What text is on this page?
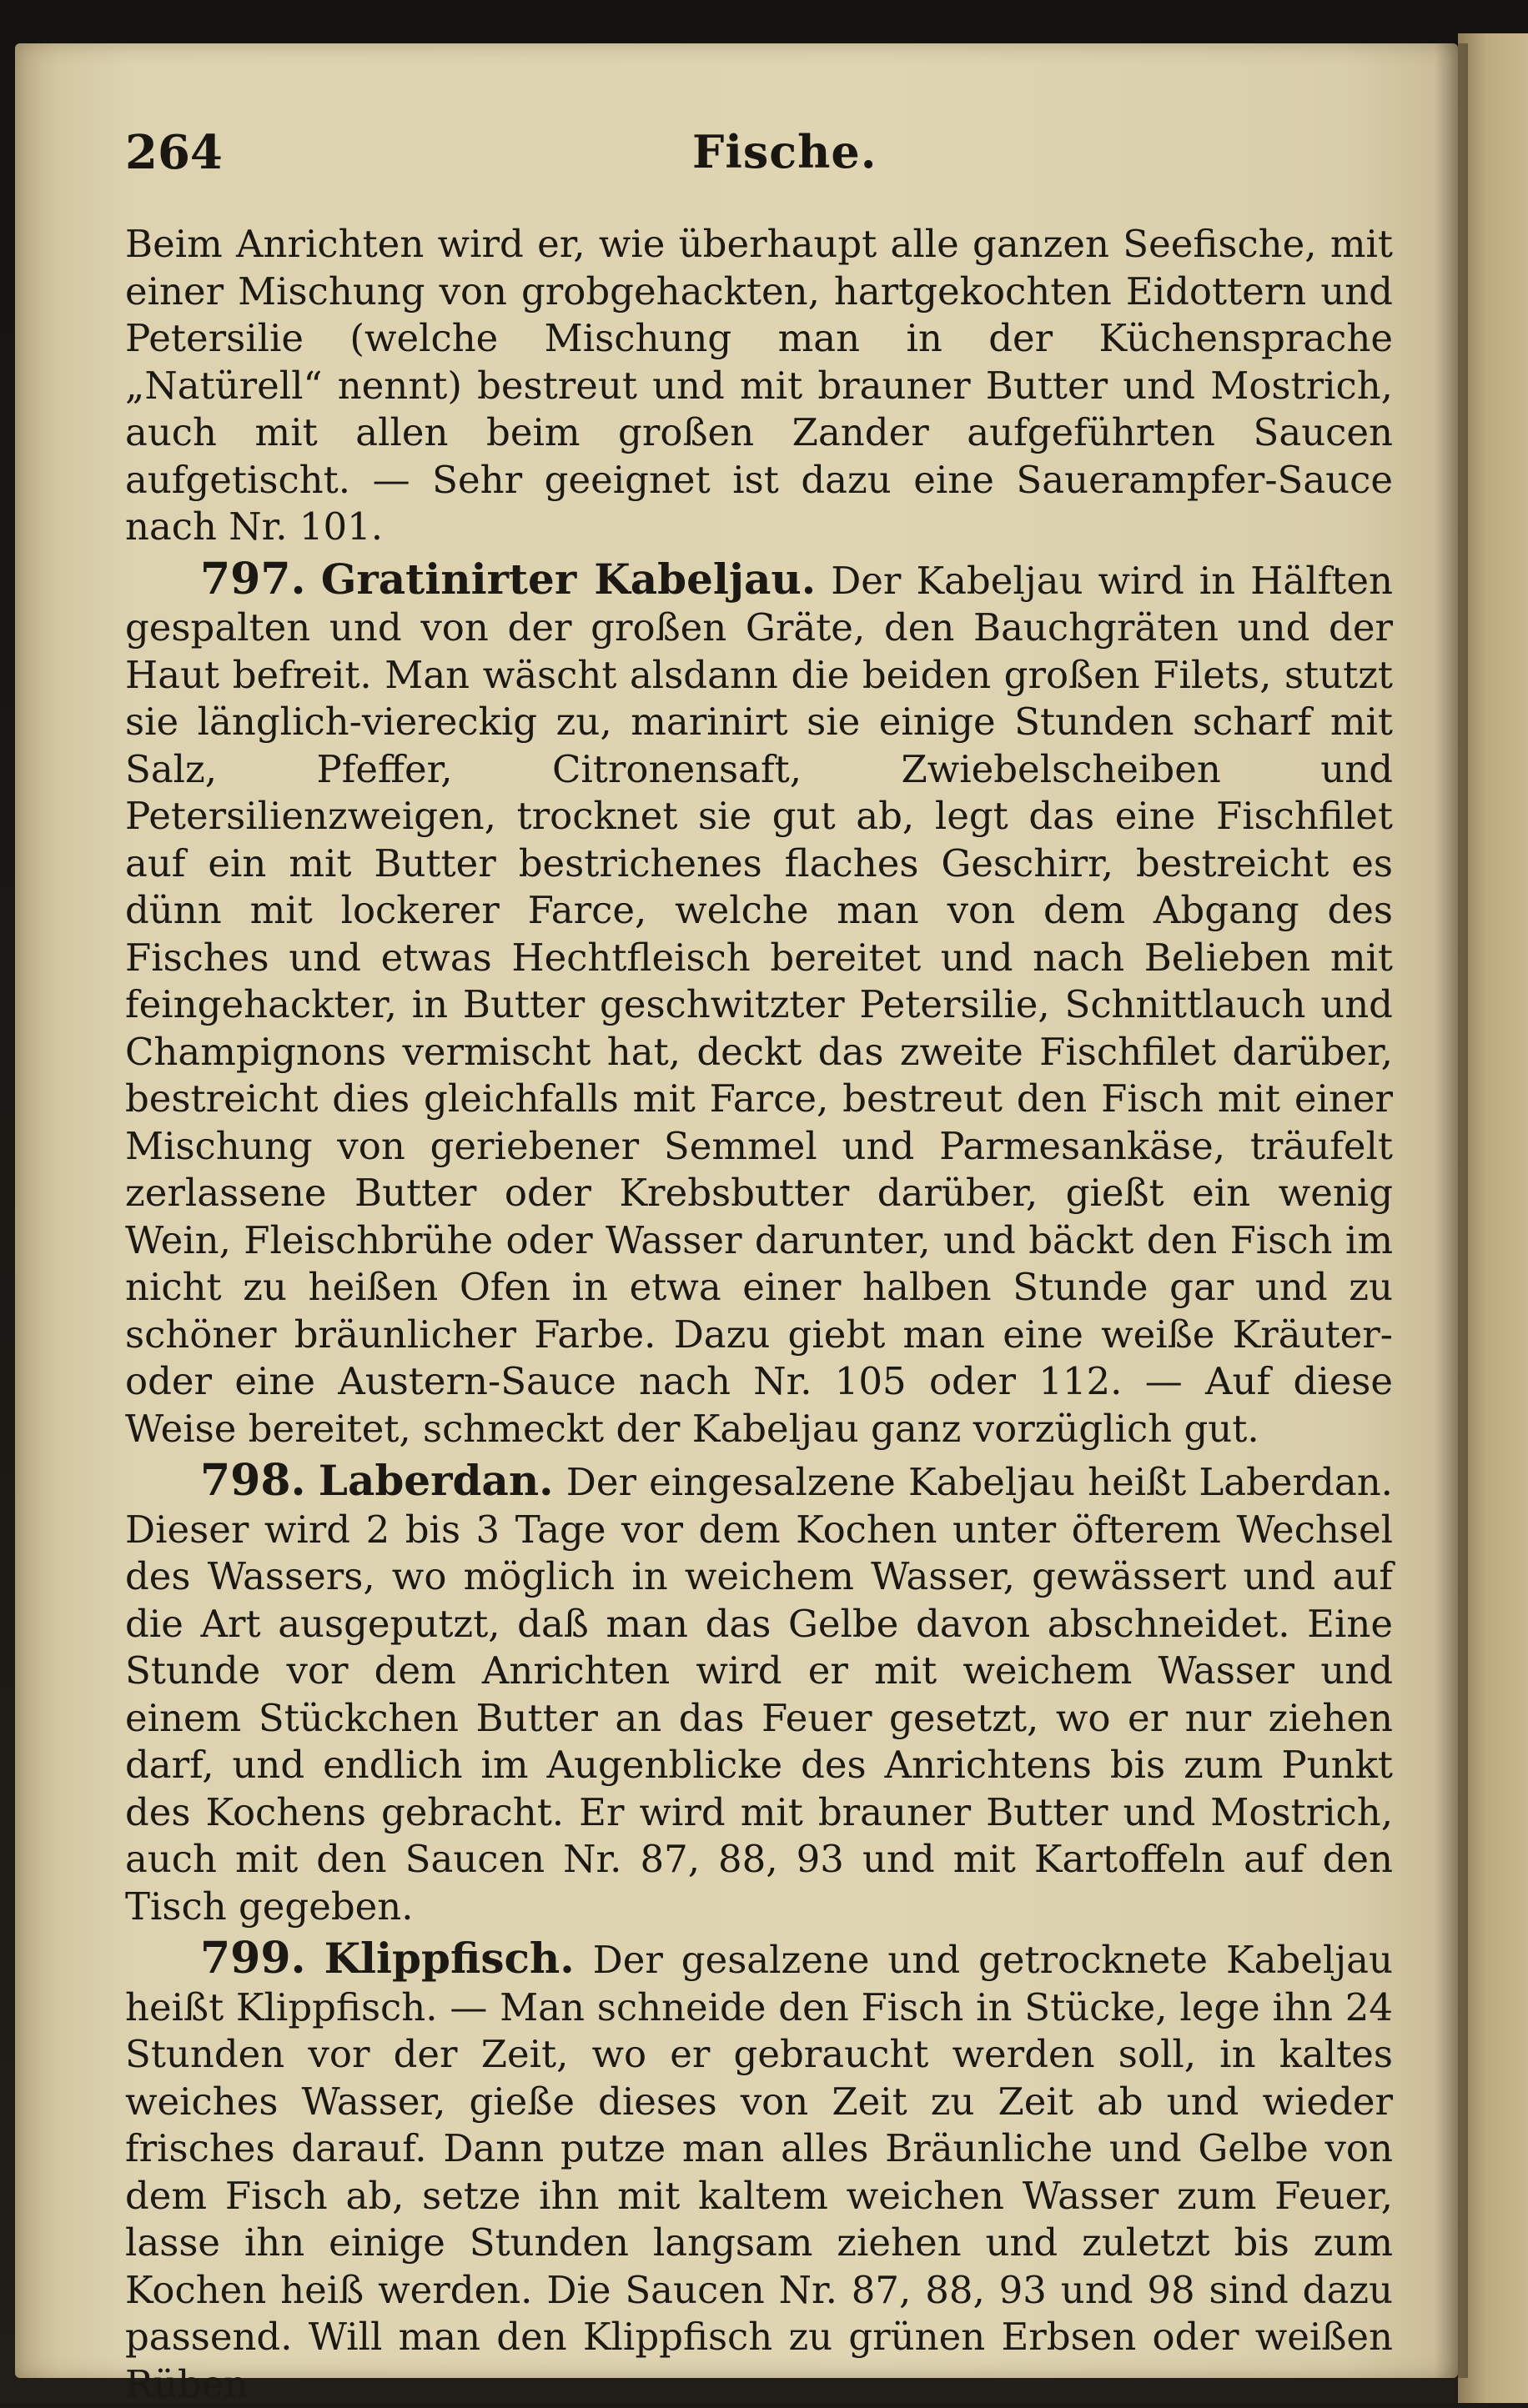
264	Fische.

Beim Anrichten wird er, wie überhaupt alle ganzen Seefische, mit einer Mischung von grobgehackten, hartgekochten Eidottern und Petersilie (welche Mischung man in der Küchensprache „Natürell“ nennt) bestreut und mit brauner Butter und Mostrich, auch mit allen beim großen Zander aufgeführten Saucen aufgetischt. — Sehr geeignet ist dazu eine Sauerampfer-Sauce nach Nr. 101.

797. Gratinirter Kabeljau. Der Kabeljau wird in Hälften gespalten und von der großen Gräte, den Bauchgräten und der Haut befreit. Man wäscht alsdann die beiden großen Filets, stutzt sie länglich-viereckig zu, marinirt sie einige Stunden scharf mit Salz, Pfeffer, Citronensaft, Zwiebelscheiben und Petersilienzweigen, trocknet sie gut ab, legt das eine Fischfilet auf ein mit Butter bestrichenes flaches Geschirr, bestreicht es dünn mit lockerer Farce, welche man von dem Abgang des Fisches und etwas Hechtfleisch bereitet und nach Belieben mit feingehackter, in Butter geschwitzter Petersilie, Schnittlauch und Champignons vermischt hat, deckt das zweite Fischfilet darüber, bestreicht dies gleichfalls mit Farce, bestreut den Fisch mit einer Mischung von geriebener Semmel und Parmesankäse, träufelt zerlassene Butter oder Krebsbutter darüber, gießt ein wenig Wein, Fleischbrühe oder Wasser darunter, und bäckt den Fisch im nicht zu heißen Ofen in etwa einer halben Stunde gar und zu schöner bräunlicher Farbe. Dazu giebt man eine weiße Kräuter- oder eine Austern-Sauce nach Nr. 105 oder 112. — Auf diese Weise bereitet, schmeckt der Kabeljau ganz vorzüglich gut.

798. Laberdan. Der eingesalzene Kabeljau heißt Laberdan. Dieser wird 2 bis 3 Tage vor dem Kochen unter öfterem Wechsel des Wassers, wo möglich in weichem Wasser, gewässert und auf die Art ausgeputzt, daß man das Gelbe davon abschneidet. Eine Stunde vor dem Anrichten wird er mit weichem Wasser und einem Stückchen Butter an das Feuer gesetzt, wo er nur ziehen darf, und endlich im Augenblicke des Anrichtens bis zum Punkt des Kochens gebracht. Er wird mit brauner Butter und Mostrich, auch mit den Saucen Nr. 87, 88, 93 und mit Kartoffeln auf den Tisch gegeben.

799. Klippfisch. Der gesalzene und getrocknete Kabeljau heißt Klippfisch. — Man schneide den Fisch in Stücke, lege ihn 24 Stunden vor der Zeit, wo er gebraucht werden soll, in kaltes weiches Wasser, gieße dieses von Zeit zu Zeit ab und wieder frisches darauf. Dann putze man alles Bräunliche und Gelbe von dem Fisch ab, setze ihn mit kaltem weichen Wasser zum Feuer, lasse ihn einige Stunden langsam ziehen und zuletzt bis zum Kochen heiß werden. Die Saucen Nr. 87, 88, 93 und 98 sind dazu passend. Will man den Klippfisch zu grünen Erbsen oder weißen Rüben
